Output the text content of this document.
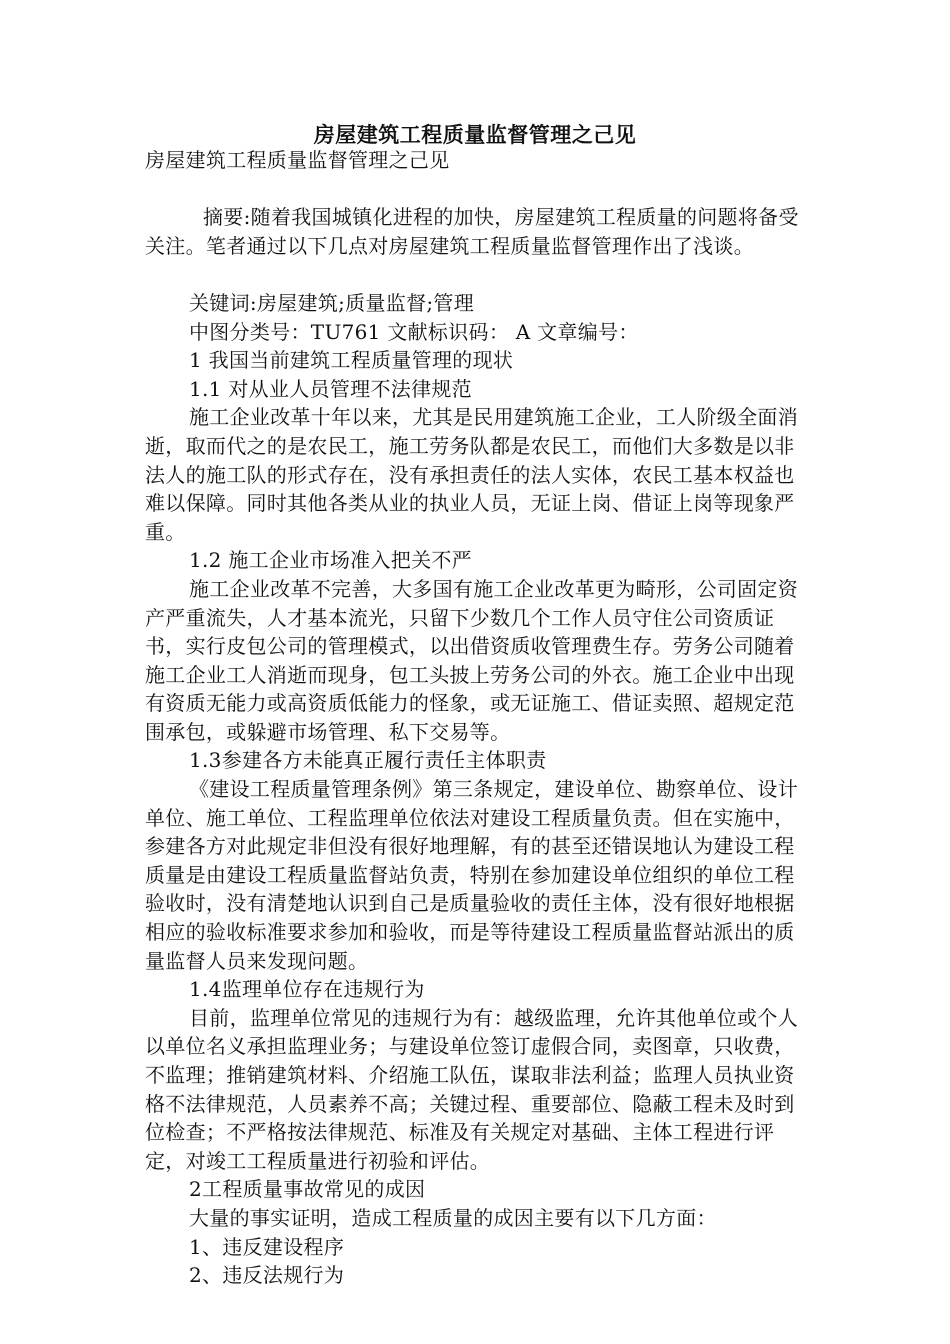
房屋建筑工程质量监督管理之己见

房屋建筑工程质量监督管理之己见

摘要:随着我国城镇化进程的加快，房屋建筑工程质量的问题将备受关注。笔者通过以下几点对房屋建筑工程质量监督管理作出了浅谈。

关键词:房屋建筑;质量监督;管理

中图分类号：TU761 文献标识码： A 文章编号：

1 我国当前建筑工程质量管理的现状

1.1 对从业人员管理不法律规范

施工企业改革十年以来，尤其是民用建筑施工企业，工人阶级全面消逝，取而代之的是农民工，施工劳务队都是农民工，而他们大多数是以非法人的施工队的形式存在，没有承担责任的法人实体，农民工基本权益也难以保障。同时其他各类从业的执业人员，无证上岗、借证上岗等现象严重。

1.2 施工企业市场准入把关不严

施工企业改革不完善，大多国有施工企业改革更为畸形，公司固定资产严重流失，人才基本流光，只留下少数几个工作人员守住公司资质证书，实行皮包公司的管理模式，以出借资质收管理费生存。劳务公司随着施工企业工人消逝而现身，包工头披上劳务公司的外衣。施工企业中出现有资质无能力或高资质低能力的怪象，或无证施工、借证卖照、超规定范围承包，或躲避市场管理、私下交易等。

1.3参建各方未能真正履行责任主体职责

《建设工程质量管理条例》第三条规定，建设单位、勘察单位、设计单位、施工单位、工程监理单位依法对建设工程质量负责。但在实施中，参建各方对此规定非但没有很好地理解，有的甚至还错误地认为建设工程质量是由建设工程质量监督站负责，特别在参加建设单位组织的单位工程验收时，没有清楚地认识到自己是质量验收的责任主体，没有很好地根据相应的验收标准要求参加和验收，而是等待建设工程质量监督站派出的质量监督人员来发现问题。

1.4监理单位存在违规行为

目前，监理单位常见的违规行为有：越级监理，允许其他单位或个人以单位名义承担监理业务；与建设单位签订虚假合同，卖图章，只收费，不监理；推销建筑材料、介绍施工队伍，谋取非法利益；监理人员执业资格不法律规范，人员素养不高；关键过程、重要部位、隐蔽工程未及时到位检查；不严格按法律规范、标准及有关规定对基础、主体工程进行评定，对竣工工程质量进行初验和评估。

2工程质量事故常见的成因

大量的事实证明，造成工程质量的成因主要有以下几方面：

1、违反建设程序

2、违反法规行为
